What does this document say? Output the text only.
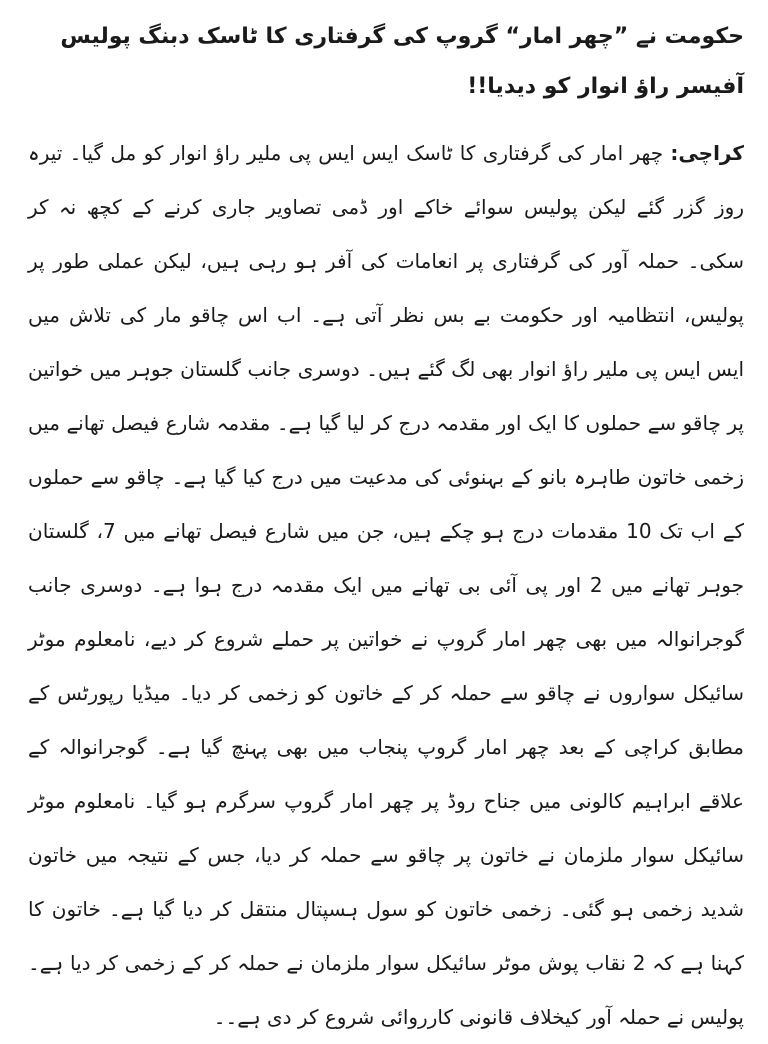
حکومت نے ”چھر امار“ گروپ کی گرفتاری کا ٹاسک دبنگ پولیس آفیسر راؤ انوار کو دیدیا!!

کراچی: چھر امار کی گرفتاری کا ٹاسک ایس ایس پی ملیر راؤ انوار کو مل گیا۔ تیرہ روز گزر گئے لیکن پولیس سوائے خاکے اور ڈمی تصاویر جاری کرنے کے کچھ نہ کر سکی۔ حملہ آور کی گرفتاری پر انعامات کی آفر ہو رہی ہیں، لیکن عملی طور پر پولیس، انتظامیہ اور حکومت بے بس نظر آتی ہے۔ اب اس چاقو مار کی تلاش میں ایس ایس پی ملیر راؤ انوار بھی لگ گئے ہیں۔ دوسری جانب گلستان جوہر میں خواتین پر چاقو سے حملوں کا ایک اور مقدمہ درج کر لیا گیا ہے۔ مقدمہ شارع فیصل تھانے میں زخمی خاتون طاہرہ بانو کے بہنوئی کی مدعیت میں درج کیا گیا ہے۔ چاقو سے حملوں کے اب تک 10 مقدمات درج ہو چکے ہیں، جن میں شارع فیصل تھانے میں 7، گلستان جوہر تھانے میں 2 اور پی آئی بی تھانے میں ایک مقدمہ درج ہوا ہے۔ دوسری جانب گوجرانوالہ میں بھی چھر امار گروپ نے خواتین پر حملے شروع کر دیے، نامعلوم موٹر سائیکل سواروں نے چاقو سے حملہ کر کے خاتون کو زخمی کر دیا۔ میڈیا رپورٹس کے مطابق کراچی کے بعد چھر امار گروپ پنجاب میں بھی پہنچ گیا ہے۔ گوجرانوالہ کے علاقے ابراہیم کالونی میں جناح روڈ پر چھر امار گروپ سرگرم ہو گیا۔ نامعلوم موٹر سائیکل سوار ملزمان نے خاتون پر چاقو سے حملہ کر دیا، جس کے نتیجہ میں خاتون شدید زخمی ہو گئی۔ زخمی خاتون کو سول ہسپتال منتقل کر دیا گیا ہے۔ خاتون کا کہنا ہے کہ 2 نقاب پوش موٹر سائیکل سوار ملزمان نے حملہ کر کے زخمی کر دیا ہے۔ پولیس نے حملہ آور کیخلاف قانونی کارروائی شروع کر دی ہے۔۔
